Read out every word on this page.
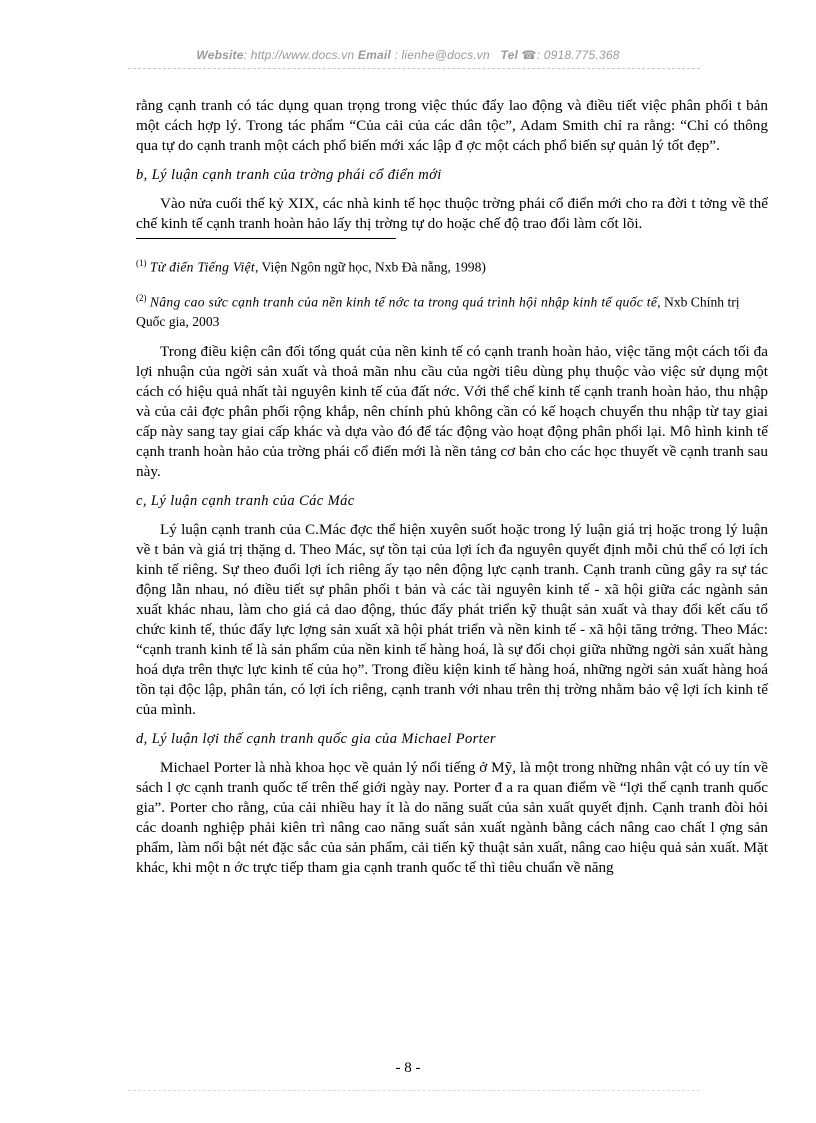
Website: http://www.docs.vn Email : lienhe@docs.vn Tel ☎: 0918.775.368

rằng cạnh tranh có tác dụng quan trọng trong việc thúc đẩy lao động và điều tiết việc phân phối t bản một cách hợp lý. Trong tác phẩm “Của cải của các dân tộc”, Adam Smith chỉ ra rằng: “Chỉ có thông qua tự do cạnh tranh một cách phổ biến mới xác lập đ ợc một cách phổ biến sự quản lý tốt đẹp”.

b, Lý luận cạnh tranh của trờng phái cổ điển mới

Vào nửa cuối thế kỷ XIX, các nhà kinh tế học thuộc trờng phái cổ điển mới cho ra đời t tởng về thể chế kinh tế cạnh tranh hoàn hảo lấy thị trờng tự do hoặc chế độ trao đổi làm cốt lõi.

$^{(1)}$ Từ điển Tiếng Việt, Viện Ngôn ngữ học, Nxb Đà nẵng, 1998)

$^{(2)}$ Nâng cao sức cạnh tranh của nền kinh tế nớc ta trong quá trình hội nhập kinh tế quốc tế, Nxb Chính trị Quốc gia, 2003

Trong điều kiện cân đối tổng quát của nền kinh tế có cạnh tranh hoàn hảo, việc tăng một cách tối đa lợi nhuận của ngời sản xuất và thoả mãn nhu cầu của ngời tiêu dùng phụ thuộc vào việc sử dụng một cách có hiệu quả nhất tài nguyên kinh tế của đất nớc. Với thể chế kinh tế cạnh tranh hoàn hảo, thu nhập và của cải đợc phân phối rộng khắp, nên chính phủ không cần có kế hoạch chuyển thu nhập từ tay giai cấp này sang tay giai cấp khác và dựa vào đó để tác động vào hoạt động phân phối lại. Mô hình kinh tế cạnh tranh hoàn hảo của trờng phái cổ điển mới là nền tảng cơ bản cho các học thuyết về cạnh tranh sau này.

c, Lý luận cạnh tranh của Các Mác

Lý luận cạnh tranh của C.Mác đợc thể hiện xuyên suốt hoặc trong lý luận giá trị hoặc trong lý luận về t bản và giá trị thặng d. Theo Mác, sự tồn tại của lợi ích đa nguyên quyết định mỗi chủ thể có lợi ích kinh tế riêng. Sự theo đuổi lợi ích riêng ấy tạo nên động lực cạnh tranh. Cạnh tranh cũng gây ra sự tác động lẫn nhau, nó điều tiết sự phân phối t bản và các tài nguyên kinh tế - xã hội giữa các ngành sản xuất khác nhau, làm cho giá cả dao động, thúc đẩy phát triển kỹ thuật sản xuất và thay đổi kết cấu tổ chức kinh tế, thúc đẩy lực lợng sản xuất xã hội phát triển và nền kinh tế - xã hội tăng trởng. Theo Mác: “cạnh tranh kinh tế là sản phẩm của nền kinh tế hàng hoá, là sự đối chọi giữa những ngời sản xuất hàng hoá dựa trên thực lực kinh tế của họ”. Trong điều kiện kinh tế hàng hoá, những ngời sản xuất hàng hoá tồn tại độc lập, phân tán, có lợi ích riêng, cạnh tranh với nhau trên thị trờng nhằm bảo vệ lợi ích kinh tế của mình.

d, Lý luận lợi thế cạnh tranh quốc gia của Michael Porter

Michael Porter là nhà khoa học về quản lý nổi tiếng ở Mỹ, là một trong những nhân vật có uy tín về sách l ợc cạnh tranh quốc tế trên thế giới ngày nay. Porter đ a ra quan điểm về “lợi thế cạnh tranh quốc gia”. Porter cho rằng, của cải nhiều hay ít là do năng suất của sản xuất quyết định. Cạnh tranh đòi hỏi các doanh nghiệp phải kiên trì nâng cao năng suất sản xuất ngành bằng cách nâng cao chất l ợng sản phẩm, làm nổi bật nét đặc sắc của sản phẩm, cải tiến kỹ thuật sản xuất, nâng cao hiệu quả sản xuất. Mặt khác, khi một n ớc trực tiếp tham gia cạnh tranh quốc tế thì tiêu chuẩn về năng

- 8 -
